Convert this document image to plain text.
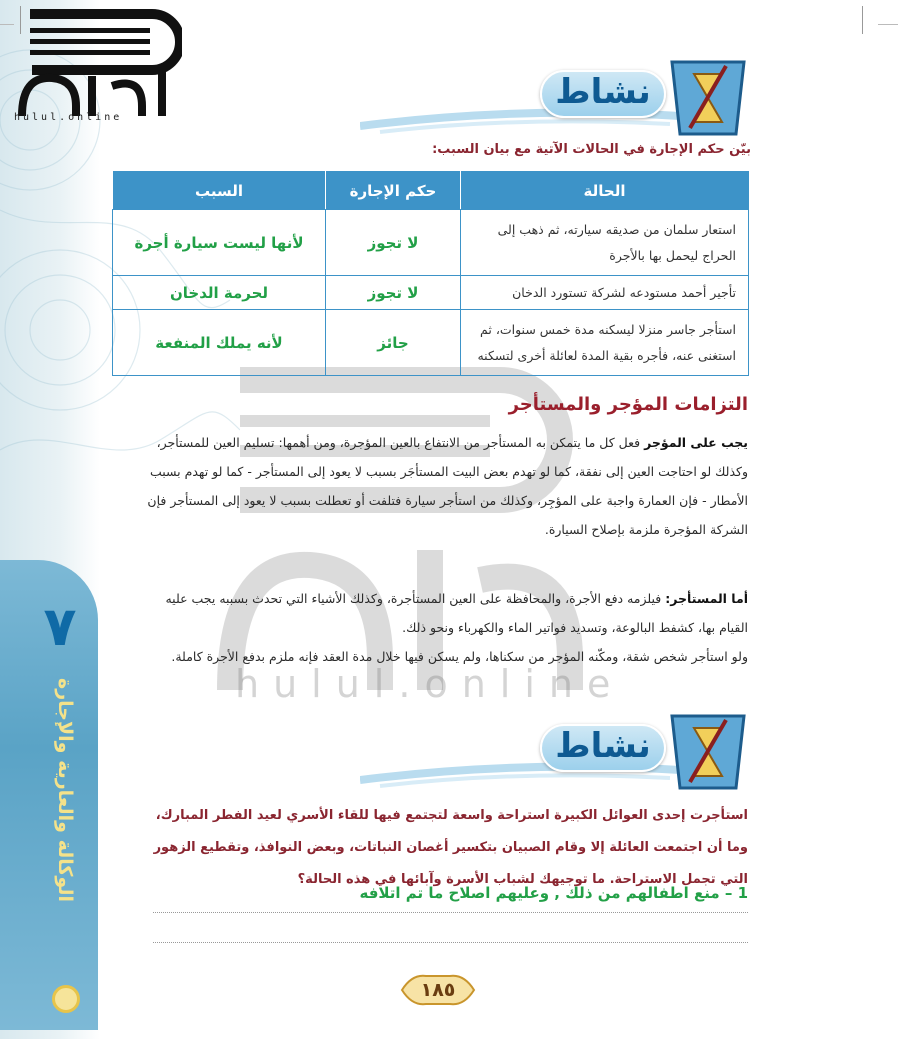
٧
الوكالة والعارية والإجارة
hulul.online
hulul.online
نشاط
بيّن حكم الإجارة في الحالات الآتية مع بيان السبب:
الحالة	حكم الإجارة	السبب
استعار سلمان من صديقه سيارته، ثم ذهب إلى الحراج ليحمل بها بالأجرة	لا تجوز	لأنها ليست سيارة أجرة
تأجير أحمد مستودعه لشركة تستورد الدخان	لا تجوز	لحرمة الدخان
استأجر جاسر منزلا ليسكنه مدة خمس سنوات، ثم استغنى عنه، فأجره بقية المدة لعائلة أخرى لتسكنه	جائز	لأنه يملك المنفعة
التزامات المؤجر والمستأجر
يجب على المؤجر فعل كل ما يتمكن به المستأجر من الانتفاع بالعين المؤجرة، ومن أهمها: تسليم العين للمستأجر، وكذلك لو احتاجت العين إلى نفقة، كما لو تهدم بعض البيت المستأجَر بسبب لا يعود إلى المستأجر - كما لو تهدم بسبب الأمطار - فإن العمارة واجبة على المؤجِر، وكذلك من استأجر سيارة فتلفت أو تعطلت بسبب لا يعود إلى المستأجر فإن الشركة المؤجرة ملزمة بإصلاح السيارة.
أما المستأجر: فيلزمه دفع الأجرة، والمحافظة على العين المستأجرة، وكذلك الأشياء التي تحدث بسببه يجب عليه القيام بها، كشفط البالوعة، وتسديد فواتير الماء والكهرباء ونحو ذلك.
ولو استأجر شخص شقة، ومكّنه المؤجر من سكناها، ولم يسكن فيها خلال مدة العقد فإنه ملزم بدفع الأجرة كاملة.
نشاط
استأجرت إحدى العوائل الكبيرة استراحة واسعة لتجتمع فيها للقاء الأسري لعيد الفطر المبارك، وما أن اجتمعت العائلة إلا وقام الصبيان بتكسير أغصان النباتات، وبعض النوافذ، وتقطيع الزهور التي تجمل الاستراحة. ما توجيهك لشباب الأسرة وآبائها في هذه الحالة؟
1 – منع اطفالهم من ذلك , وعليهم اصلاح ما تم اتلافه
١٨٥
